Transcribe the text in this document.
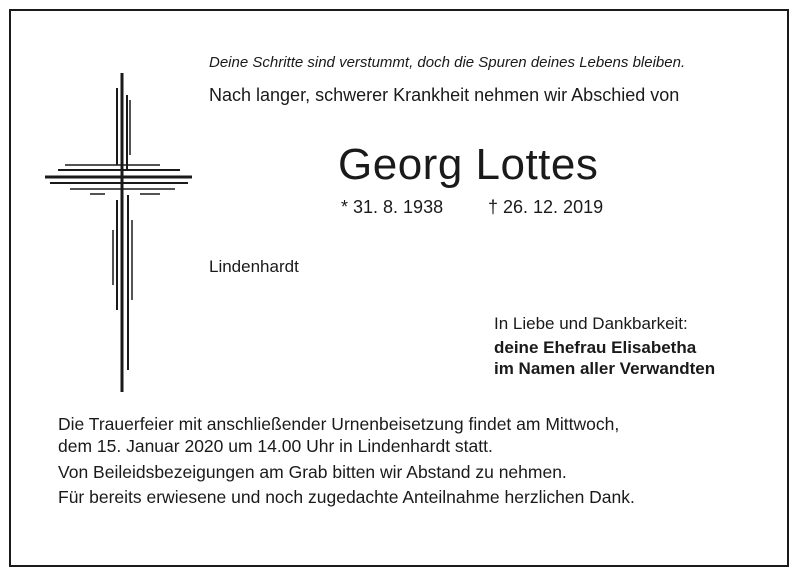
Deine Schritte sind verstummt, doch die Spuren deines Lebens bleiben.
Nach langer, schwerer Krankheit nehmen wir Abschied von
Georg Lottes
* 31. 8. 1938 † 26. 12. 2019
Lindenhardt
In Liebe und Dankbarkeit:
deine Ehefrau Elisabetha
im Namen aller Verwandten
Die Trauerfeier mit anschließender Urnenbeisetzung findet am Mittwoch,
dem 15. Januar 2020 um 14.00 Uhr in Lindenhardt statt.
Von Beileidsbezeigungen am Grab bitten wir Abstand zu nehmen.
Für bereits erwiesene und noch zugedachte Anteilnahme herzlichen Dank.
